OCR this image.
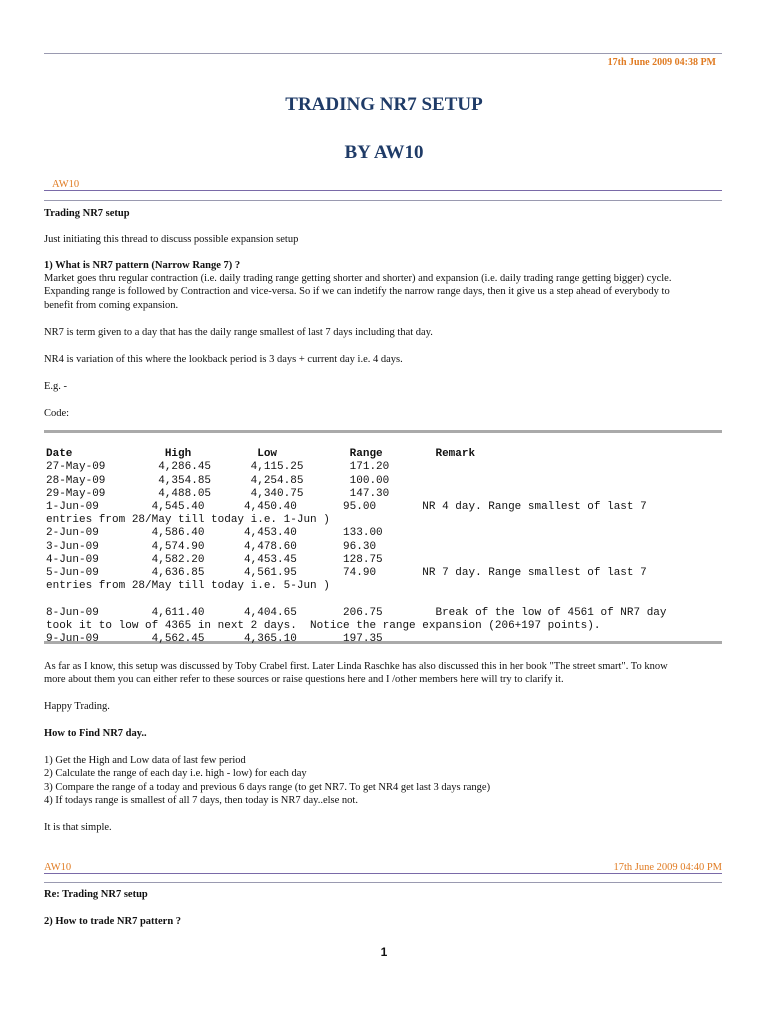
17th June 2009 04:38 PM
TRADING NR7 SETUP
BY AW10
AW10
Trading NR7 setup
Just initiating this thread to discuss possible expansion setup
1) What is NR7 pattern (Narrow Range 7) ?
Market goes thru regular contraction (i.e. daily trading range getting shorter and shorter) and expansion (i.e. daily trading range getting bigger) cycle.
Expanding range is followed by Contraction and vice-versa. So if we can indetify the narrow range days, then it give us a step ahead of everybody to
benefit from coming expansion.
NR7 is term given to a day that has the daily range smallest of last 7 days including that day.
NR4 is variation of this where the lookback period is 3 days + current day i.e. 4 days.
E.g. -
Code:

Date              High          Low           Range        Remark
27-May-09        4,286.45      4,115.25       171.20
28-May-09        4,354.85      4,254.85       100.00
29-May-09        4,488.05      4,340.75       147.30
1-Jun-09        4,545.40      4,450.40       95.00       NR 4 day. Range smallest of last 7
entries from 28/May till today i.e. 1-Jun )
2-Jun-09        4,586.40      4,453.40       133.00
3-Jun-09        4,574.90      4,478.60       96.30
4-Jun-09        4,582.20      4,453.45       128.75
5-Jun-09        4,636.85      4,561.95       74.90       NR 7 day. Range smallest of last 7
entries from 28/May till today i.e. 5-Jun )
8-Jun-09        4,611.40      4,404.65       206.75        Break of the low of 4561 of NR7 day
took it to low of 4365 in next 2 days.  Notice the range expansion (206+197 points).
9-Jun-09        4,562.45      4,365.10       197.35

As far as I know, this setup was discussed by Toby Crabel first. Later Linda Raschke has also discussed this in her book "The street smart". To know
more about them you can either refer to these sources or raise questions here and I /other members here will try to clarify it.
Happy Trading.
How to Find NR7 day..
1) Get the High and Low data of last few period
2) Calculate the range of each day i.e. high - low) for each day
3) Compare the range of a today and previous 6 days range (to get NR7. To get NR4 get last 3 days range)
4) If todays range is smallest of all 7 days, then today is NR7 day..else not.
It is that simple.
AW10	17th June 2009 04:40 PM
Re: Trading NR7 setup
2) How to trade NR7 pattern ?
1
